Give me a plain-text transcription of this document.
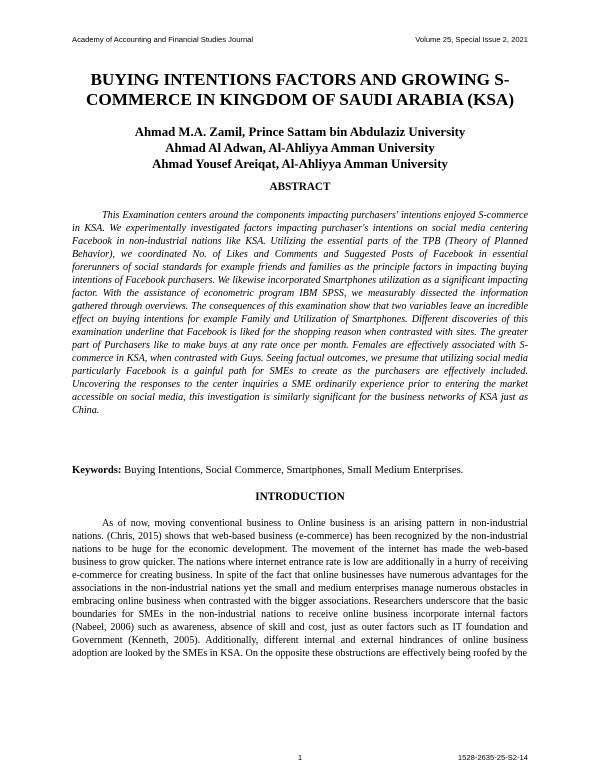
Academy of Accounting and Financial Studies Journal	Volume 25, Special Issue 2, 2021
BUYING INTENTIONS FACTORS AND GROWING S-COMMERCE IN KINGDOM OF SAUDI ARABIA (KSA)
Ahmad M.A. Zamil, Prince Sattam bin Abdulaziz University
Ahmad Al Adwan, Al-Ahliyya Amman University
Ahmad Yousef Areiqat, Al-Ahliyya Amman University
ABSTRACT

This Examination centers around the components impacting purchasers' intentions enjoyed S-commerce in KSA. We experimentally investigated factors impacting purchaser's intentions on social media centering Facebook in non-industrial nations like KSA. Utilizing the essential parts of the TPB (Theory of Planned Behavior), we coordinated No. of Likes and Comments and Suggested Posts of Facebook in essential forerunners of social standards for example friends and families as the principle factors in impacting buying intentions of Facebook purchasers. We likewise incorporated Smartphones utilization as a significant impacting factor. With the assistance of econometric program IBM SPSS, we measurably dissected the information gathered through overviews. The consequences of this examination show that two variables leave an incredible effect on buying intentions for example Family and Utilization of Smartphones. Different discoveries of this examination underline that Facebook is liked for the shopping reason when contrasted with sites. The greater part of Purchasers like to make buys at any rate once per month. Females are effectively associated with S-commerce in KSA, when contrasted with Guys. Seeing factual outcomes, we presume that utilizing social media particularly Facebook is a gainful path for SMEs to create as the purchasers are effectively included. Uncovering the responses to the center inquiries a SME ordinarily experience prior to entering the market accessible on social media, this investigation is similarly significant for the business networks of KSA just as China.

Keywords: Buying Intentions, Social Commerce, Smartphones, Small Medium Enterprises.

INTRODUCTION

As of now, moving conventional business to Online business is an arising pattern in non-industrial nations. (Chris, 2015) shows that web-based business (e-commerce) has been recognized by the non-industrial nations to be huge for the economic development. The movement of the internet has made the web-based business to grow quicker. The nations where internet entrance rate is low are additionally in a hurry of receiving e-commerce for creating business. In spite of the fact that online businesses have numerous advantages for the associations in the non-industrial nations yet the small and medium enterprises manage numerous obstacles in embracing online business when contrasted with the bigger associations. Researchers underscore that the basic boundaries for SMEs in the non-industrial nations to receive online business incorporate internal factors (Nabeel, 2006) such as awareness, absence of skill and cost, just as outer factors such as IT foundation and Government (Kenneth, 2005). Additionally, different internal and external hindrances of online business adoption are looked by the SMEs in KSA. On the opposite these obstructions are effectively being roofed by the

1	1528-2635-25-S2-14
